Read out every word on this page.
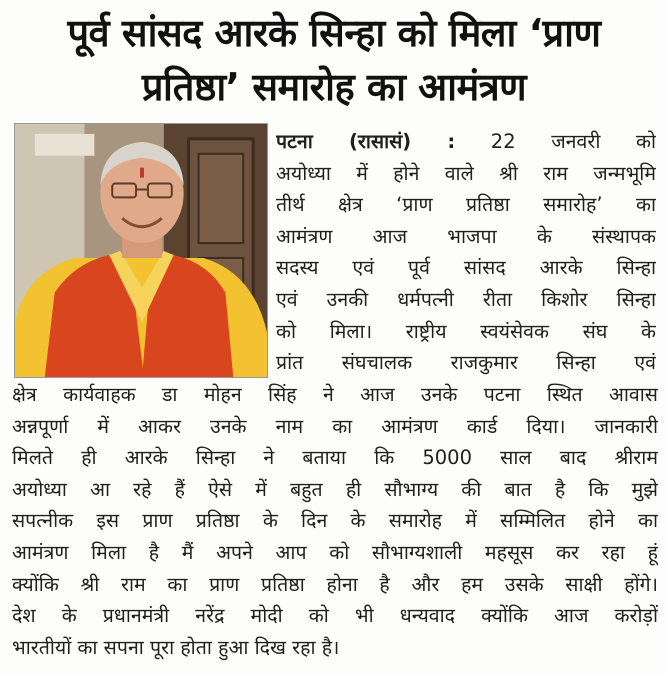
पूर्व सांसद आरके सिन्हा को मिला ‘प्राण
प्रतिष्ठा’ समारोह का आमंत्रण
पटना (रासासं) : 22 जनवरी को
अयोध्या में होने वाले श्री राम जन्मभूमि
तीर्थ क्षेत्र ‘प्राण प्रतिष्ठा समारोह’ का
आमंत्रण आज भाजपा के संस्थापक
सदस्य एवं पूर्व सांसद आरके सिन्हा
एवं उनकी धर्मपत्नी रीता किशोर सिन्हा
को मिला। राष्ट्रीय स्वयंसेवक संघ के
प्रांत संघचालक राजकुमार सिन्हा एवं
क्षेत्र कार्यवाहक डा मोहन सिंह ने आज उनके पटना स्थित आवास
अन्नपूर्णा में आकर उनके नाम का आमंत्रण कार्ड दिया। जानकारी
मिलते ही आरके सिन्हा ने बताया कि 5000 साल बाद श्रीराम
अयोध्या आ रहे हैं ऐसे में बहुत ही सौभाग्य की बात है कि मुझे
सपत्नीक इस प्राण प्रतिष्ठा के दिन के समारोह में सम्मिलित होने का
आमंत्रण मिला है मैं अपने आप को सौभाग्यशाली महसूस कर रहा हूं
क्योंकि श्री राम का प्राण प्रतिष्ठा होना है और हम उसके साक्षी होंगे।
देश के प्रधानमंत्री नरेंद्र मोदी को भी धन्यवाद क्योंकि आज करोड़ों
भारतीयों का सपना पूरा होता हुआ दिख रहा है।
